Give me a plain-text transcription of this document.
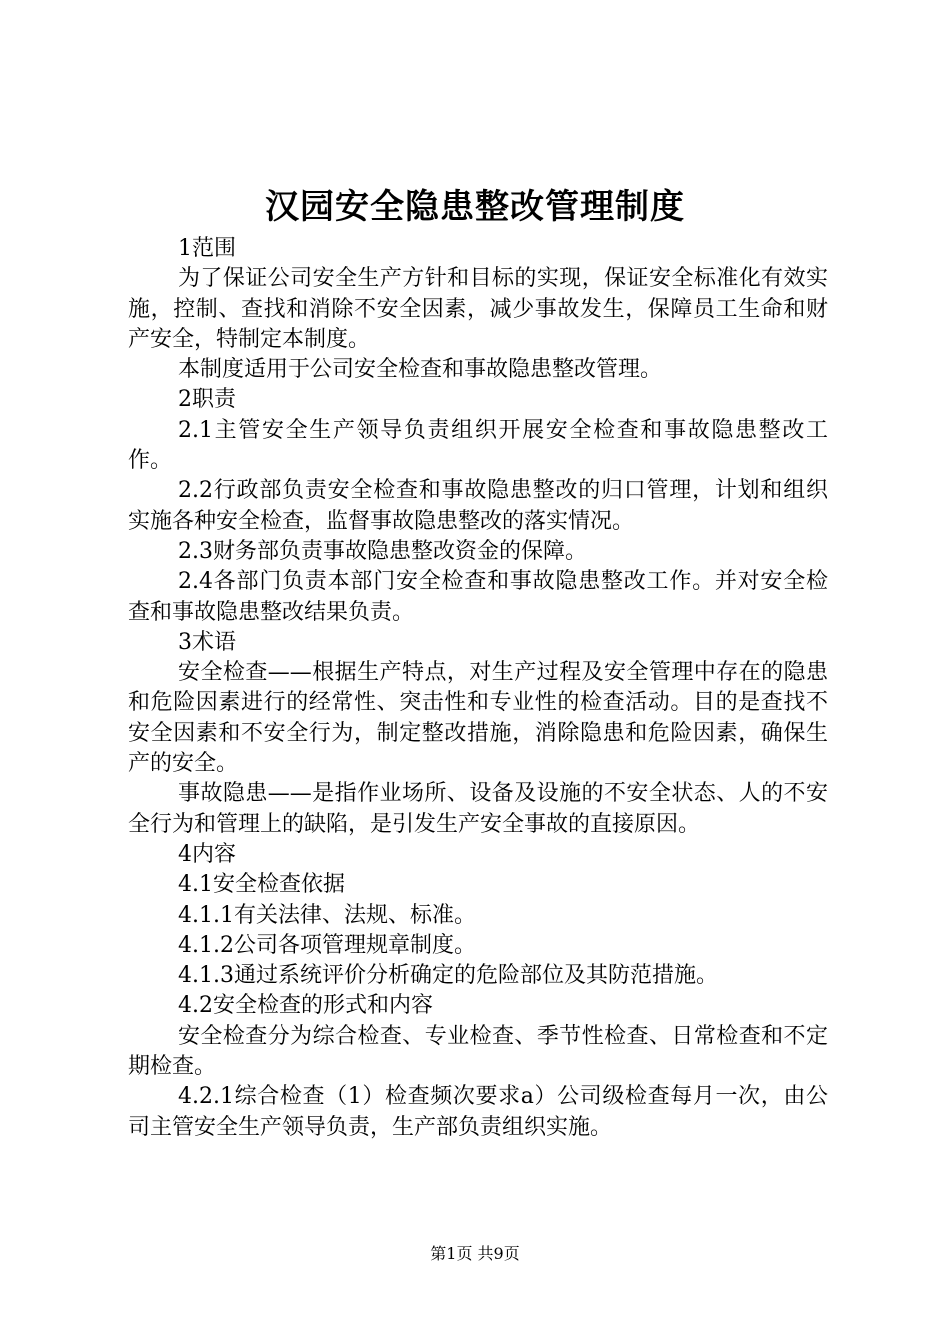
汉园安全隐患整改管理制度

1范围

为了保证公司安全生产方针和目标的实现，保证安全标准化有效实施，控制、查找和消除不安全因素，减少事故发生，保障员工生命和财产安全，特制定本制度。

本制度适用于公司安全检查和事故隐患整改管理。

2职责

2.1主管安全生产领导负责组织开展安全检查和事故隐患整改工作。

2.2行政部负责安全检查和事故隐患整改的归口管理，计划和组织实施各种安全检查，监督事故隐患整改的落实情况。

2.3财务部负责事故隐患整改资金的保障。

2.4各部门负责本部门安全检查和事故隐患整改工作。并对安全检查和事故隐患整改结果负责。

3术语

安全检查——根据生产特点，对生产过程及安全管理中存在的隐患和危险因素进行的经常性、突击性和专业性的检查活动。目的是查找不安全因素和不安全行为，制定整改措施，消除隐患和危险因素，确保生产的安全。

事故隐患——是指作业场所、设备及设施的不安全状态、人的不安全行为和管理上的缺陷，是引发生产安全事故的直接原因。

4内容

4.1安全检查依据

4.1.1有关法律、法规、标准。

4.1.2公司各项管理规章制度。

4.1.3通过系统评价分析确定的危险部位及其防范措施。

4.2安全检查的形式和内容

安全检查分为综合检查、专业检查、季节性检查、日常检查和不定期检查。

4.2.1综合检查（1）检查频次要求a）公司级检查每月一次，由公司主管安全生产领导负责，生产部负责组织实施。

第1页 共9页
